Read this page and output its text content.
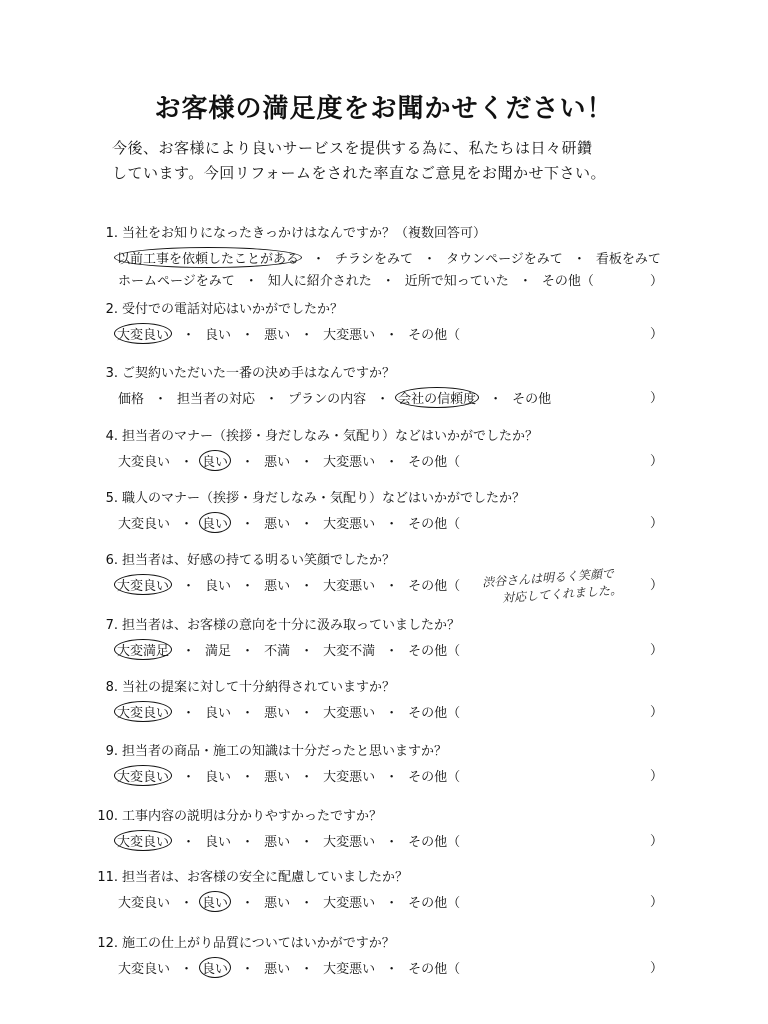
お客様の満足度をお聞かせください！
今後、お客様により良いサービスを提供する為に、私たちは日々研鑽
しています。今回リフォームをされた率直なご意見をお聞かせ下さい。
1. 当社をお知りになったきっかけはなんですか？（複数回答可）
以前工事を依頼したことがある ・ チラシをみて ・ タウンページをみて ・ 看板をみて
ホームページをみて ・ 知人に紹介された ・ 近所で知っていた ・ その他（	）
2. 受付での電話対応はいかがでしたか？
大変良い ・ 良い ・ 悪い ・ 大変悪い ・ その他（	）
3. ご契約いただいた一番の決め手はなんですか？
価格 ・ 担当者の対応 ・ プランの内容 ・ 会社の信頼度 ・ その他	）
4. 担当者のマナー（挨拶・身だしなみ・気配り）などはいかがでしたか？
大変良い ・ 良い ・ 悪い ・ 大変悪い ・ その他（	）
5. 職人のマナー（挨拶・身だしなみ・気配り）などはいかがでしたか？
大変良い ・ 良い ・ 悪い ・ 大変悪い ・ その他（	）
6. 担当者は、好感の持てる明るい笑顔でしたか？
大変良い ・ 良い ・ 悪い ・ 大変悪い ・ その他（	）
渋谷さんは明るく笑顔で
対応してくれました。
7. 担当者は、お客様の意向を十分に汲み取っていましたか？
大変満足 ・ 満足 ・ 不満 ・ 大変不満 ・ その他（	）
8. 当社の提案に対して十分納得されていますか？
大変良い ・ 良い ・ 悪い ・ 大変悪い ・ その他（	）
9. 担当者の商品・施工の知識は十分だったと思いますか？
大変良い ・ 良い ・ 悪い ・ 大変悪い ・ その他（	）
10. 工事内容の説明は分かりやすかったですか？
大変良い ・ 良い ・ 悪い ・ 大変悪い ・ その他（	）
11. 担当者は、お客様の安全に配慮していましたか？
大変良い ・ 良い ・ 悪い ・ 大変悪い ・ その他（	）
12. 施工の仕上がり品質についてはいかがですか？
大変良い ・ 良い ・ 悪い ・ 大変悪い ・ その他（	）
